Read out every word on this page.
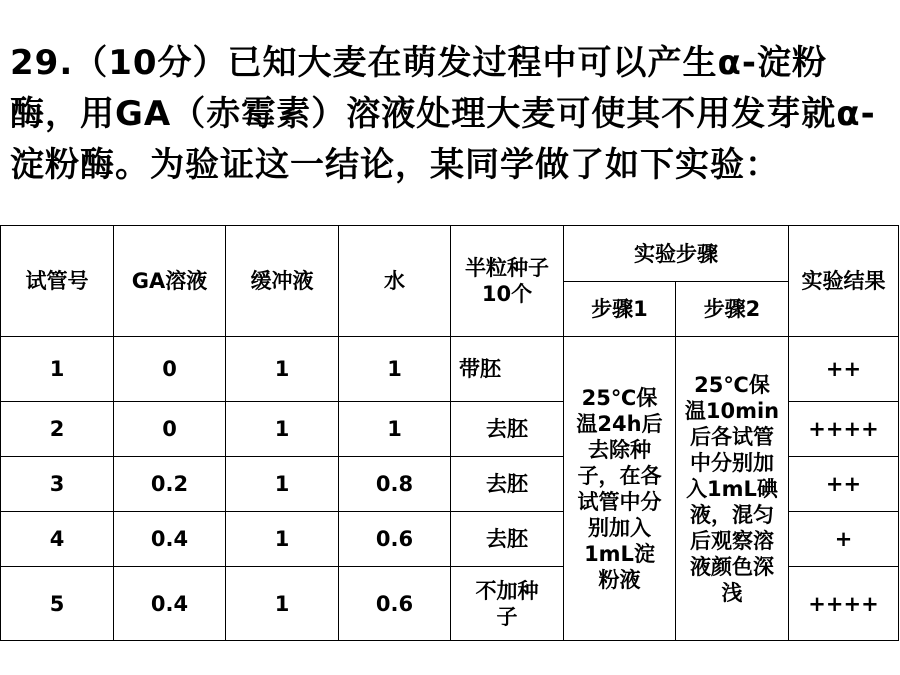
29.（10分）已知大麦在萌发过程中可以产生α-淀粉酶，用GA（赤霉素）溶液处理大麦可使其不用发芽就α-淀粉酶。为验证这一结论，某同学做了如下实验：
试管号	GA溶液	缓冲液	水	半粒种子10个	实验步骤		实验结果
					步骤1	步骤2	
1	0	1	1	带胚	25℃保温24h后去除种子，在各试管中分别加入1mL淀粉液	25℃保温10min后各试管中分别加入1mL碘液，混匀后观察溶液颜色深浅	++
2	0	1	1	去胚			++++
3	0.2	1	0.8	去胚			++
4	0.4	1	0.6	去胚			+
5	0.4	1	0.6	不加种子			++++
